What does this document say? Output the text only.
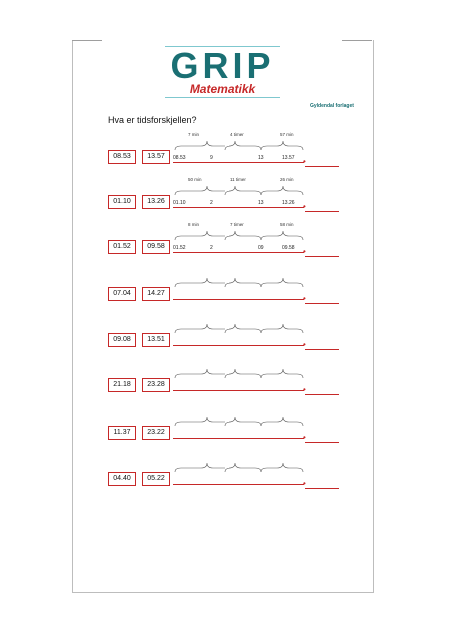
GRIP
Matematikk
Gyldendal forlaget
Hva er tidsforskjellen?
08.53	13.57	08.53	9	13	13.57
7 min	4 timer	57 min
•
01.10	13.26	01.10	2	13	13.26
50 min	11 timer	26 min
•
01.52	09.58	01.52	2	09	09.58
8 min	7 timer	58 min
•
07.04	14.27
•
09.08	13.51
•
21.18	23.28
•
11.37	23.22
•
04.40	05.22
•
